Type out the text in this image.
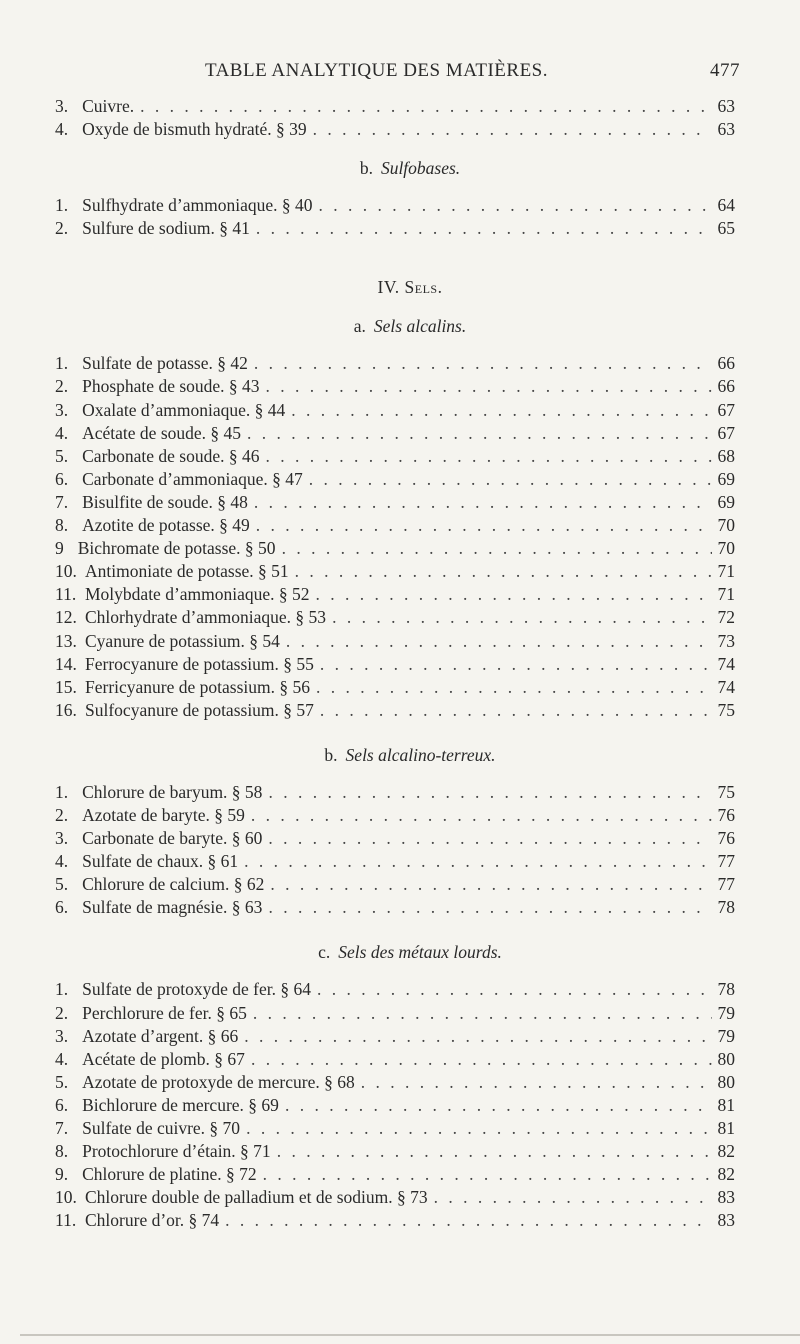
TABLE ANALYTIQUE DES MATIÈRES.	477
3. Cuivre. . . .	63
4. Oxyde de bismuth hydraté. § 39 . . .	63
b. Sulfobases.
1. Sulfhydrate d’ammoniaque. § 40 . . .	64
2. Sulfure de sodium. § 41 . . .	65
IV. Sels.
a. Sels alcalins.
1. Sulfate de potasse. § 42 . . .	66
2. Phosphate de soude. § 43 . . .	66
3. Oxalate d’ammoniaque. § 44 . . .	67
4. Acétate de soude. § 45 . . .	67
5. Carbonate de soude. § 46 . . .	68
6. Carbonate d’ammoniaque. § 47 . . .	69
7. Bisulfite de soude. § 48 . . .	69
8. Azotite de potasse. § 49 . . .	70
9 Bichromate de potasse. § 50 . . .	70
10. Antimoniate de potasse. § 51 . . .	71
11. Molybdate d’ammoniaque. § 52 . . .	71
12. Chlorhydrate d’ammoniaque. § 53 . . .	72
13. Cyanure de potassium. § 54 . . .	73
14. Ferrocyanure de potassium. § 55 . . .	74
15. Ferricyanure de potassium. § 56 . . .	74
16. Sulfocyanure de potassium. § 57 . . .	75
b. Sels alcalino-terreux.
1. Chlorure de baryum. § 58 . . .	75
2. Azotate de baryte. § 59 . . .	76
3. Carbonate de baryte. § 60 . . .	76
4. Sulfate de chaux. § 61 . . .	77
5. Chlorure de calcium. § 62 . . .	77
6. Sulfate de magnésie. § 63 . . .	78
c. Sels des métaux lourds.
1. Sulfate de protoxyde de fer. § 64 . . .	78
2. Perchlorure de fer. § 65 . . .	79
3. Azotate d’argent. § 66 . . .	79
4. Acétate de plomb. § 67 . . .	80
5. Azotate de protoxyde de mercure. § 68 . . .	80
6. Bichlorure de mercure. § 69 . . .	81
7. Sulfate de cuivre. § 70 . . .	81
8. Protochlorure d’étain. § 71 . . .	82
9. Chlorure de platine. § 72 . . .	82
10. Chlorure double de palladium et de sodium. § 73 . . .	83
11. Chlorure d’or. § 74 . . .	83
